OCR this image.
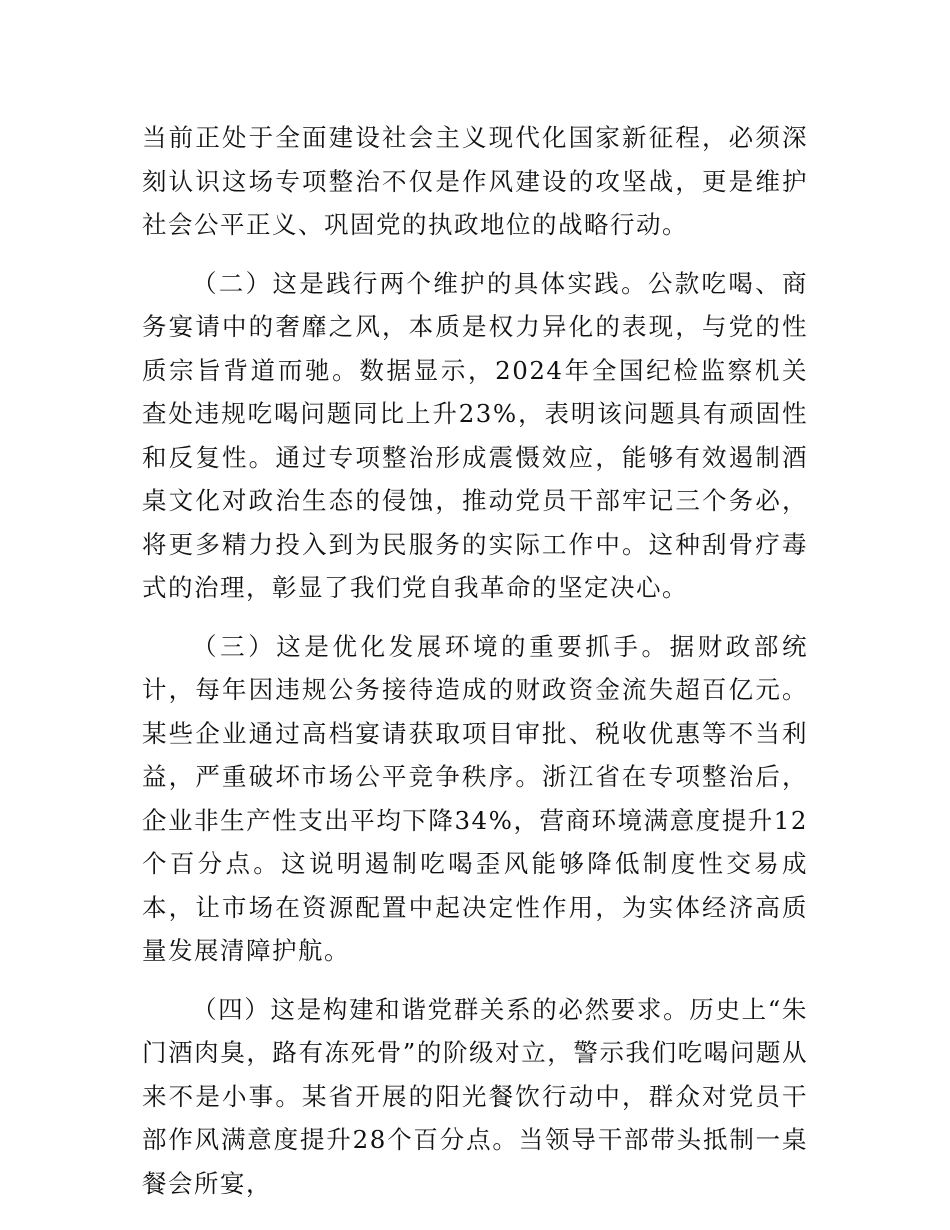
当前正处于全面建设社会主义现代化国家新征程，必须深刻认识这场专项整治不仅是作风建设的攻坚战，更是维护社会公平正义、巩固党的执政地位的战略行动。

（二）这是践行两个维护的具体实践。公款吃喝、商务宴请中的奢靡之风，本质是权力异化的表现，与党的性质宗旨背道而驰。数据显示，2024年全国纪检监察机关查处违规吃喝问题同比上升23%，表明该问题具有顽固性和反复性。通过专项整治形成震慑效应，能够有效遏制酒桌文化对政治生态的侵蚀，推动党员干部牢记三个务必，将更多精力投入到为民服务的实际工作中。这种刮骨疗毒式的治理，彰显了我们党自我革命的坚定决心。

（三）这是优化发展环境的重要抓手。据财政部统计，每年因违规公务接待造成的财政资金流失超百亿元。某些企业通过高档宴请获取项目审批、税收优惠等不当利益，严重破坏市场公平竞争秩序。浙江省在专项整治后，企业非生产性支出平均下降34%，营商环境满意度提升12个百分点。这说明遏制吃喝歪风能够降低制度性交易成本，让市场在资源配置中起决定性作用，为实体经济高质量发展清障护航。

（四）这是构建和谐党群关系的必然要求。历史上“朱门酒肉臭，路有冻死骨”的阶级对立，警示我们吃喝问题从来不是小事。某省开展的阳光餐饮行动中，群众对党员干部作风满意度提升28个百分点。当领导干部带头抵制一桌餐会所宴，
